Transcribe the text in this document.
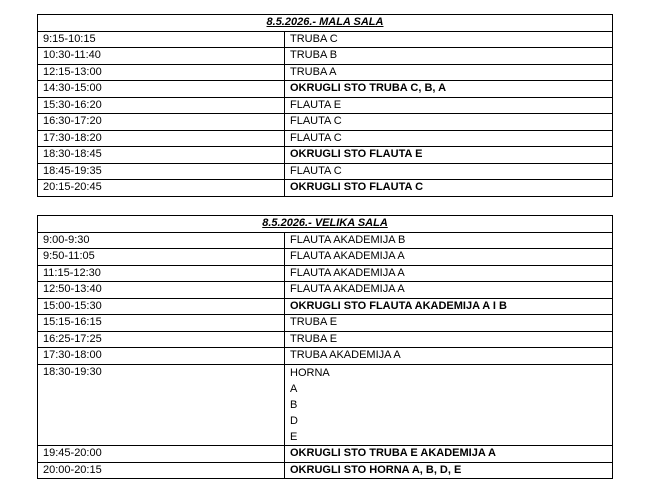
8.5.2026.- MALA SALA	
9:15-10:15	TRUBA C
10:30-11:40	TRUBA B
12:15-13:00	TRUBA A
14:30-15:00	OKRUGLI STO TRUBA C, B, A
15:30-16:20	FLAUTA E
16:30-17:20	FLAUTA C
17:30-18:20	FLAUTA C
18:30-18:45	OKRUGLI STO FLAUTA E
18:45-19:35	FLAUTA C
20:15-20:45	OKRUGLI STO FLAUTA C
8.5.2026.- VELIKA SALA	
9:00-9:30	FLAUTA AKADEMIJA B
9:50-11:05	FLAUTA AKADEMIJA A
11:15-12:30	FLAUTA AKADEMIJA A
12:50-13:40	FLAUTA AKADEMIJA A
15:00-15:30	OKRUGLI STO FLAUTA AKADEMIJA A I B
15:15-16:15	TRUBA E
16:25-17:25	TRUBA E
17:30-18:00	TRUBA AKADEMIJA A
18:30-19:30	HORNA
A
B
D
E

19:45-20:00	OKRUGLI STO TRUBA E AKADEMIJA A
20:00-20:15	OKRUGLI STO HORNA A, B, D, E
